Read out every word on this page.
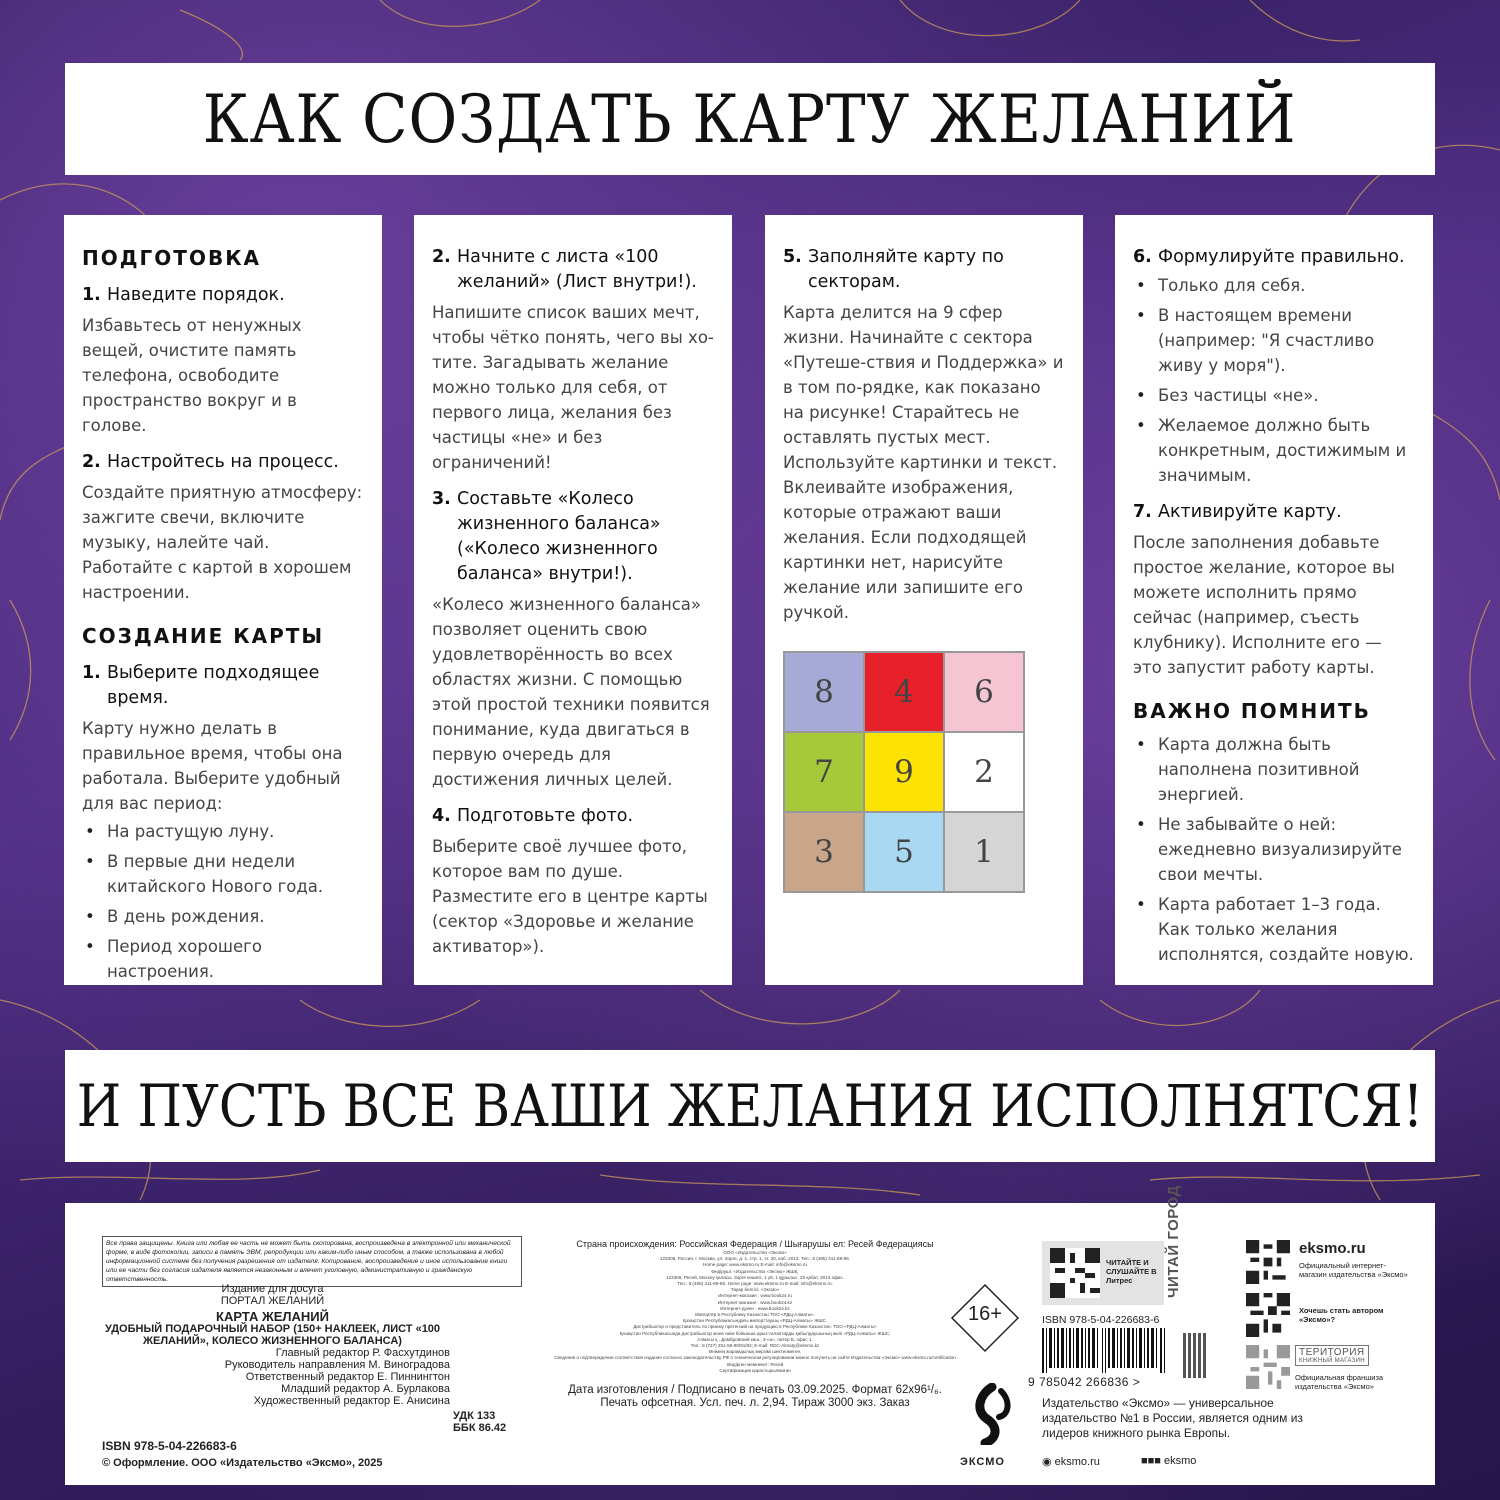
КАК СОЗДАТЬ КАРТУ ЖЕЛАНИЙ
ПОДГОТОВКА
1. Наведите порядок.
Избавьтесь от ненужных вещей, очистите память телефона, освободите пространство вокруг и в голове.
2. Настройтесь на процесс.
Создайте приятную атмосферу: зажгите свечи, включите музыку, налейте чай. Работайте с картой в хорошем настроении.
СОЗДАНИЕ КАРТЫ
1. Выберите подходящее время.
Карту нужно делать в правильное время, чтобы она работала. Выберите удобный для вас период:
• На растущую луну.
• В первые дни недели китайского Нового года.
• В день рождения.
• Период хорошего настроения.
2. Начните с листа «100 желаний» (Лист внутри!).
Напишите список ваших мечт, чтобы чётко понять, чего вы хо-тите. Загадывать желание можно только для себя, от первого лица, желания без частицы «не» и без ограничений!
3. Составьте «Колесо жизненного баланса» («Колесо жизненного баланса» внутри!).
«Колесо жизненного баланса» позволяет оценить свою удовлетворённость во всех областях жизни. С помощью этой простой техники появится понимание, куда двигаться в первую очередь для достижения личных целей.
4. Подготовьте фото.
Выберите своё лучшее фото, которое вам по душе. Разместите его в центре карты (сектор «Здоровье и желание активатор»).
5. Заполняйте карту по секторам.
Карта делится на 9 сфер жизни. Начинайте с сектора «Путеше-ствия и Поддержка» и в том по-рядке, как показано на рисунке! Старайтесь не оставлять пустых мест. Используйте картинки и текст. Вклеивайте изображения, которые отражают ваши желания. Если подходящей картинки нет, нарисуйте желание или запишите его ручкой.
8	4	6
7	9	2
3	5	1
6. Формулируйте правильно.
• Только для себя.
• В настоящем времени (например: "Я счастливо живу у моря").
• Без частицы «не».
• Желаемое должно быть конкретным, достижимым и значимым.
7. Активируйте карту.
После заполнения добавьте простое желание, которое вы можете исполнить прямо сейчас (например, съесть клубнику). Исполните его — это запустит работу карты.
ВАЖНО ПОМНИТЬ
• Карта должна быть наполнена позитивной энергией.
• Не забывайте о ней: ежедневно визуализируйте свои мечты.
• Карта работает 1–3 года. Как только желания исполнятся, создайте новую.
И ПУСТЬ ВСЕ ВАШИ ЖЕЛАНИЯ ИСПОЛНЯТСЯ!
Все права защищены. Книга или любая ее часть не может быть скопирована, воспроизведена в электронной или механической форме, в виде фотокопии, записи в память ЭВМ, репродукции или каким-либо иным способом, а также использована в любой информационной системе без получения разрешения от издателя. Копирование, воспроизведение и иное использование книги или ее части без согласия издателя является незаконным и влечет уголовную, административную и гражданскую ответственность.
Издание для досуга
ПОРТАЛ ЖЕЛАНИЙ
КАРТА ЖЕЛАНИЙ
УДОБНЫЙ ПОДАРОЧНЫЙ НАБОР (150+ НАКЛЕЕК, ЛИСТ «100 ЖЕЛАНИЙ», КОЛЕСО ЖИЗНЕННОГО БАЛАНСА)
Главный редактор Р. Фасхутдинов
Руководитель направления М. Виноградова
Ответственный редактор Е. Пиннингтон
Младший редактор А. Бурлакова
Художественный редактор Е. Анисина
УДК 133
ББК 86.42
ISBN 978-5-04-226683-6
© Оформление. ООО «Издательство «Эксмо», 2025
Страна происхождения: Российская Федерация / Шығарушы ел: Ресей Федерациясы
ООО «Издательство «Эксмо»
123308, Россия, г. Москва, ул. Зорге, д. 1, стр. 1, эт. 20, каб. 2013. Тел.: 8 (495) 411-68-86.
Home page: www.eksmo.ru E-mail: info@eksmo.ru
Өндіруші: «Издательство «Эксмо» ЖШҚ,
123308, Ресей, Мәскеу қаласы, Зорге көшесі, 1 үй, 1 құрылыс, 20 қабат, 2013 офис.
Тел.: 8 (495) 411-68-86. Home page: www.eksmo.ru E-mail: info@eksmo.ru.
Тауар белгісі: «Эксмо»
Интернет-магазин : www.book24.ru
Интернет-магазин : www.book24.kz
Интернет-дүкен : www.book24.kz
Импортёр в Республику Казахстан ТОО «РДЦ-Алматы».
Қазақстан Республикасындағы импорттаушы «РДЦ-Алматы» ЖШС.
Дистрибьютор и представитель по приему претензий на продукцию в Республике Казахстан: ТОО «РДЦ-Алматы»
Қазақстан Республикасында дистрибьютор және өнім бойынша арыз-талаптарды қабылдаушының өкілі «РДЦ-Алматы» ЖШС,
Алматы қ., Домбровский көш., 3-«а», литер Б, офис 1.
Тел.: 8 (727) 251-59-90/91/92; E-mail: RDC-Almaty@eksmo.kz
Өнімнің жарамдылық мерзімі шектелмеген.
Сведения о подтверждении соответствия издания согласно законодательству РФ о техническом регулировании можно получить на сайте Издательства «Эксмо» www.eksmo.ru/certification
Өндірген мемлекет: Ресей
Сертификация қарастырылмаған
Дата изготовления / Подписано в печать 03.09.2025. Формат 62х96¹/₆.
Печать офсетная. Усл. печ. л. 2,94. Тираж 3000 экз. Заказ
16+
ЭКСМО
ЧИТАЙТЕ И СЛУШАЙТЕ В Литрес
ISBN 978-5-04-226683-6
9 785042 266836 >
ЧИТАЙ ГОРОД	eksmo.ru
Официальный интернет-магазин издательства «Эксмо»
Хочешь стать автором «Эксмо»?
ТЕРИТОРИЯ
КНИЖНЫЙ МАГАЗИН
Официальная франшиза издательства «Эксмо»
Издательство «Эксмо» — универсальное издательство №1 в России, является одним из лидеров книжного рынка Европы.
◉ eksmo.ru	■■■ eksmo
